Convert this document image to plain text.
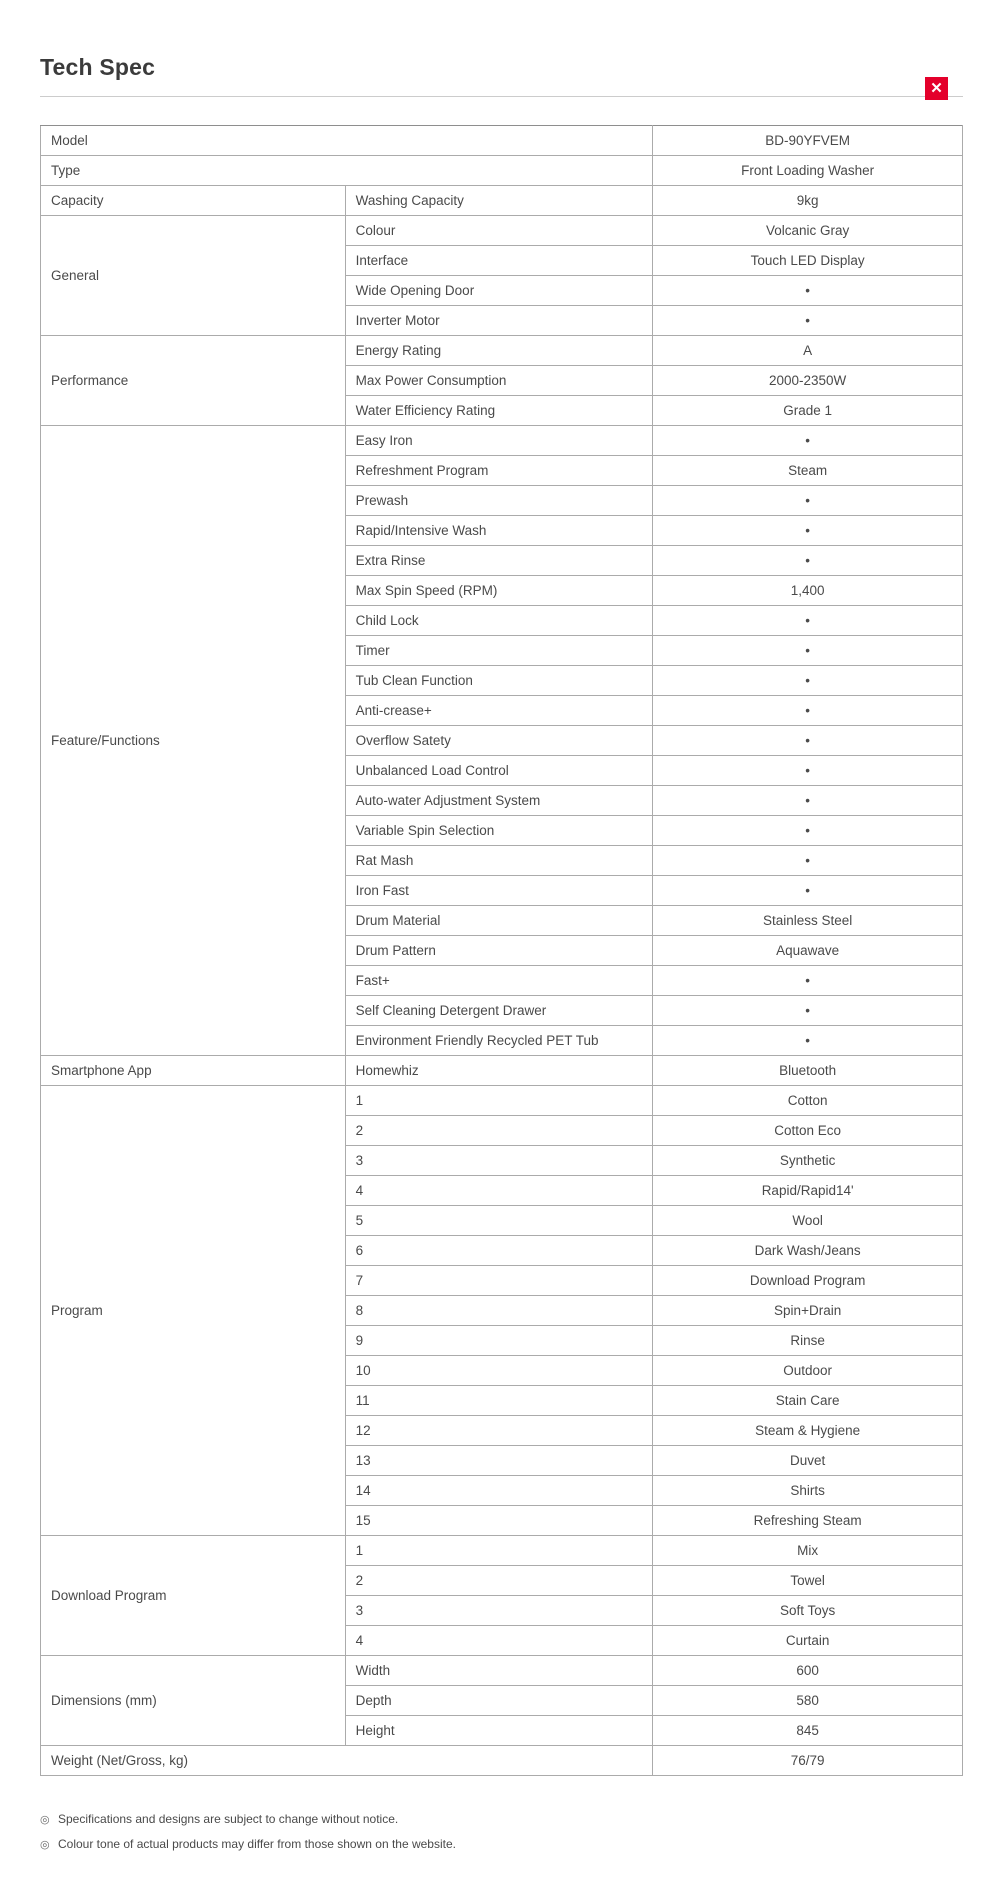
Tech Spec
Model		BD-90YFVEM
Type		Front Loading Washer
Capacity	Washing Capacity	9kg
General	Colour	Volcanic Gray
	Interface	Touch LED Display
	Wide Opening Door	•
	Inverter Motor	•
Performance	Energy Rating	A
	Max Power Consumption	2000-2350W
	Water Efficiency Rating	Grade 1
Feature/Functions	Easy Iron	•
	Refreshment Program	Steam
	Prewash	•
	Rapid/Intensive Wash	•
	Extra Rinse	•
	Max Spin Speed (RPM)	1,400
	Child Lock	•
	Timer	•
	Tub Clean Function	•
	Anti-crease+	•
	Overflow Satety	•
	Unbalanced Load Control	•
	Auto-water Adjustment System	•
	Variable Spin Selection	•
	Rat Mash	•
	Iron Fast	•
	Drum Material	Stainless Steel
	Drum Pattern	Aquawave
	Fast+	•
	Self Cleaning Detergent Drawer	•
	Environment Friendly Recycled PET Tub	•
Smartphone App	Homewhiz	Bluetooth
Program	1	Cotton
	2	Cotton Eco
	3	Synthetic
	4	Rapid/Rapid14'
	5	Wool
	6	Dark Wash/Jeans
	7	Download Program
	8	Spin+Drain
	9	Rinse
	10	Outdoor
	11	Stain Care
	12	Steam & Hygiene
	13	Duvet
	14	Shirts
	15	Refreshing Steam
Download Program	1	Mix
	2	Towel
	3	Soft Toys
	4	Curtain
Dimensions (mm)	Width	600
	Depth	580
	Height	845
Weight (Net/Gross, kg)		76/79
◎ Specifications and designs are subject to change without notice.
◎ Colour tone of actual products may differ from those shown on the website.
✕
